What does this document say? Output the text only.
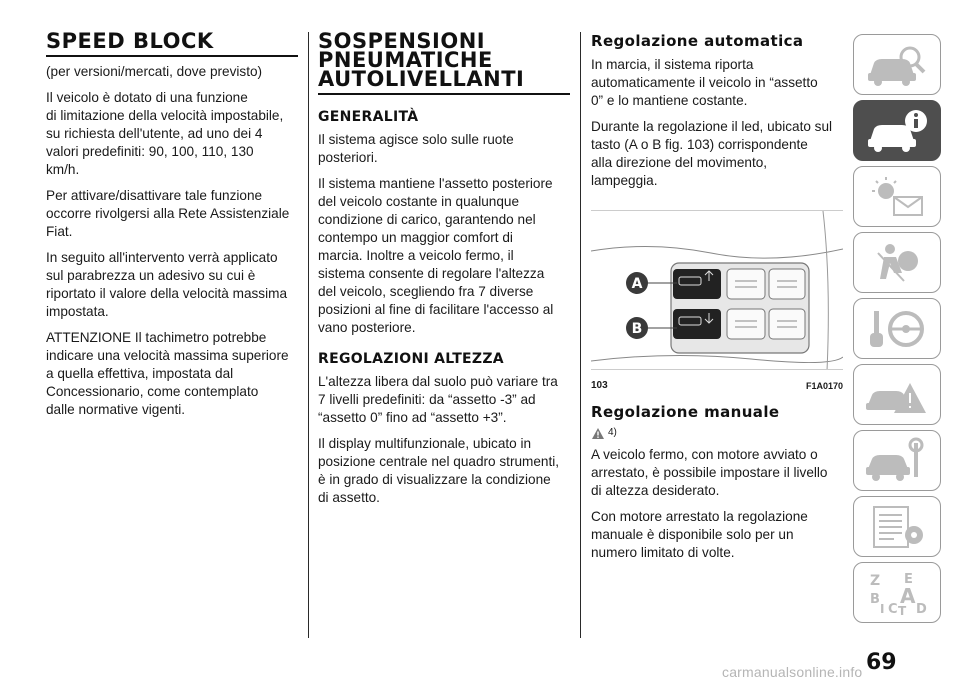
SPEED BLOCK

(per versioni/mercati, dove previsto)

Il veicolo è dotato di una funzione
di limitazione della velocità impostabile,
su richiesta dell'utente, ad uno dei 4
valori predefiniti: 90, 100, 110, 130
km/h.

Per attivare/disattivare tale funzione
occorre rivolgersi alla Rete Assistenziale
Fiat.

In seguito all'intervento verrà applicato
sul parabrezza un adesivo su cui è
riportato il valore della velocità massima
impostata.

ATTENZIONE Il tachimetro potrebbe
indicare una velocità massima superiore
a quella effettiva, impostata dal
Concessionario, come contemplato
dalle normative vigenti.

SOSPENSIONI
PNEUMATICHE
AUTOLIVELLANTI
GENERALITÀ

Il sistema agisce solo sulle ruote
posteriori.

Il sistema mantiene l'assetto posteriore
del veicolo costante in qualunque
condizione di carico, garantendo nel
contempo un maggior comfort di
marcia. Inoltre a veicolo fermo, il
sistema consente di regolare l'altezza
del veicolo, scegliendo fra 7 diverse
posizioni al fine di facilitare l'accesso al
vano posteriore.

REGOLAZIONI ALTEZZA

L'altezza libera dal suolo può variare tra
7 livelli predefiniti: da “assetto -3” ad
“assetto 0” fino ad “assetto +3”.

Il display multifunzionale, ubicato in
posizione centrale nel quadro strumenti,
è in grado di visualizzare la condizione
di assetto.

Regolazione automatica

In marcia, il sistema riporta
automaticamente il veicolo in “assetto
0” e lo mantiene costante.

Durante la regolazione il led, ubicato sul
tasto (A o B fig. 103) corrispondente
alla direzione del movimento,
lampeggia.

A
B
103	F1A0170
Regolazione manuale
4)

A veicolo fermo, con motore avviato o
arrestato, è possibile impostare il livello
di altezza desiderato.

Con motore arrestato la regolazione
manuale è disponibile solo per un
numero limitato di volte.

Z E
B A
I C T D
69
carmanualsonline.info
